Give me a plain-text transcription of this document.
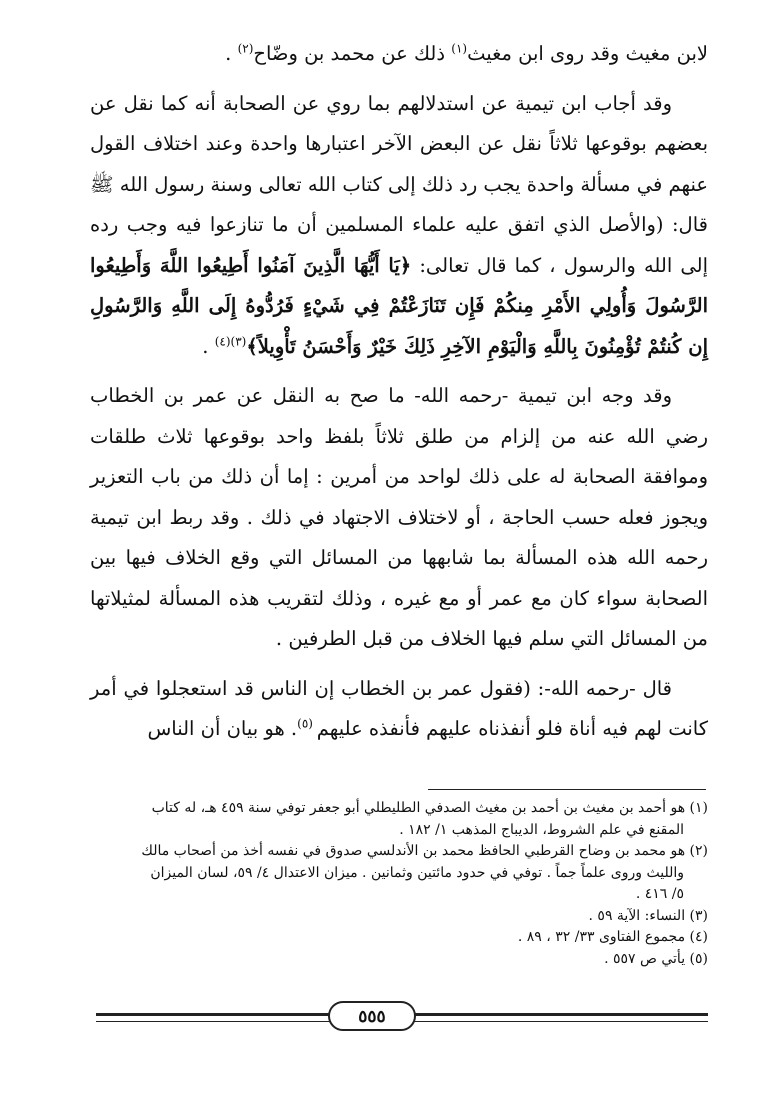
لابن مغيث وقد روى ابن مغيث$^{(١)}$ ذلك عن محمد بن وضّاح$^{(٢)}$ .

وقد أجاب ابن تيمية عن استدلالهم بما روي عن الصحابة أنه كما نقل عن بعضهم بوقوعها ثلاثاً نقل عن البعض الآخر اعتبارها واحدة وعند اختلاف القول عنهم في مسألة واحدة يجب رد ذلك إلى كتاب الله تعالى وسنة رسول الله ﷺ قال: (والأصل الذي اتفق عليه علماء المسلمين أن ما تنازعوا فيه وجب رده إلى الله والرسول ، كما قال تعالى: ﴿يَا أَيُّهَا الَّذِينَ آمَنُوا أَطِيعُوا اللَّهَ وَأَطِيعُوا الرَّسُولَ وَأُولِي الأَمْرِ مِنكُمْ فَإِن تَنَازَعْتُمْ فِي شَيْءٍ فَرُدُّوهُ إِلَى اللَّهِ وَالرَّسُولِ إِن كُنتُمْ تُؤْمِنُونَ بِاللَّهِ وَالْيَوْمِ الآخِرِ ذَلِكَ خَيْرٌ وَأَحْسَنُ تَأْوِيلاً﴾$^{(٣)(٤)}$ .

وقد وجه ابن تيمية -رحمه الله- ما صح به النقل عن عمر بن الخطاب رضي الله عنه من إلزام من طلق ثلاثاً بلفظ واحد بوقوعها ثلاث طلقات وموافقة الصحابة له على ذلك لواحد من أمرين : إما أن ذلك من باب التعزير ويجوز فعله حسب الحاجة ، أو لاختلاف الاجتهاد في ذلك . وقد ربط ابن تيمية رحمه الله هذه المسألة بما شابهها من المسائل التي وقع الخلاف فيها بين الصحابة سواء كان مع عمر أو مع غيره ، وذلك لتقريب هذه المسألة لمثيلاتها من المسائل التي سلم فيها الخلاف من قبل الطرفين .

قال -رحمه الله-: (فقول عمر بن الخطاب إن الناس قد استعجلوا في أمر كانت لهم فيه أناة فلو أنفذناه عليهم فأنفذه عليهم $^{(٥)}$. هو بيان أن الناس

(١) هو أحمد بن مغيث بن أحمد بن مغيث الصدفي الطليطلي أبو جعفر توفي سنة ٤٥٩ هـ، له كتاب

المقنع في علم الشروط، الديباج المذهب ١/ ١٨٢ .

(٢) هو محمد بن وضاح القرطبي الحافظ محمد بن الأندلسي صدوق في نفسه أخذ من أصحاب مالك

والليث وروى علماً جماً . توفي في حدود مائتين وثمانين . ميزان الاعتدال ٤/ ٥٩، لسان الميزان

٥/ ٤١٦ .

(٣) النساء: الآية ٥٩ .

(٤) مجموع الفتاوى ٣٣/ ٣٢ ، ٨٩ .

(٥) يأتي ص ٥٥٧ .

٥٥٥
